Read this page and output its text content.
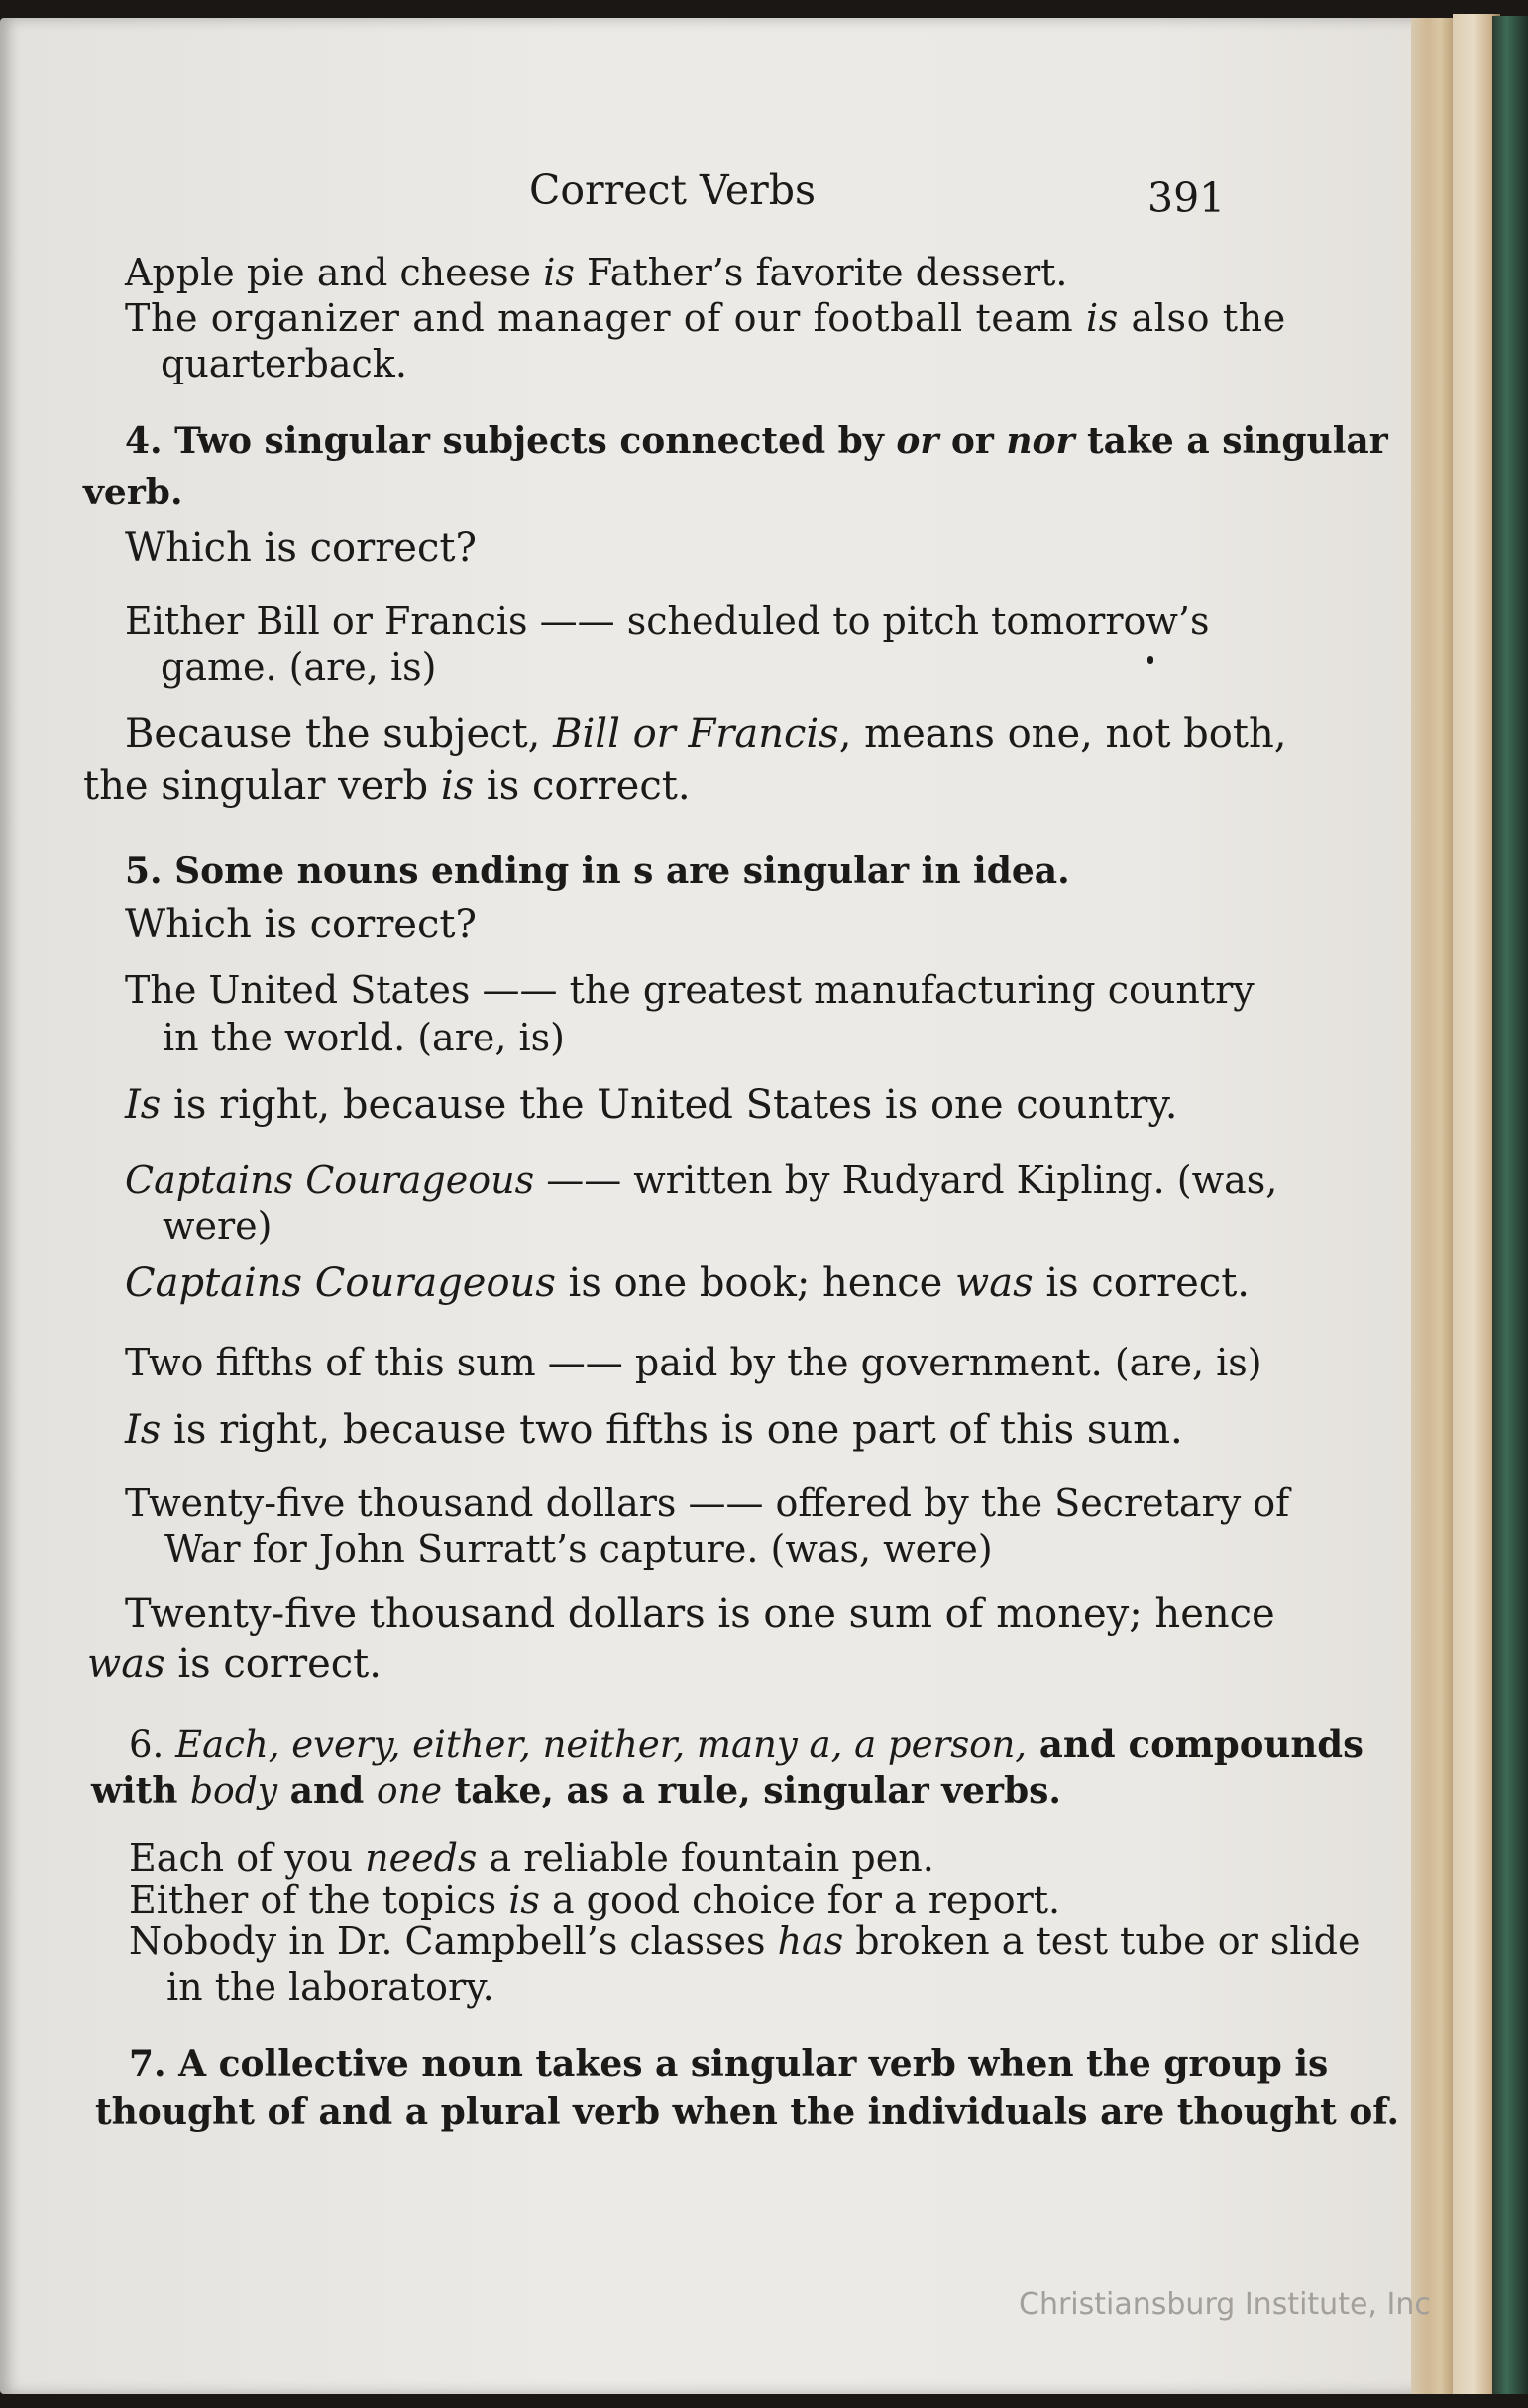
Correct Verbs	391
Apple pie and cheese is Father’s favorite dessert.
The organizer and manager of our football team is also the
quarterback.
4. Two singular subjects connected by or or nor take a singular
verb.
Which is correct?
Either Bill or Francis —— scheduled to pitch tomorrow’s
game. (are, is)
Because the subject, Bill or Francis, means one, not both,
the singular verb is is correct.
5. Some nouns ending in s are singular in idea.
Which is correct?
The United States —— the greatest manufacturing country
in the world. (are, is)
Is is right, because the United States is one country.
Captains Courageous —— written by Rudyard Kipling. (was,
were)
Captains Courageous is one book; hence was is correct.
Two fifths of this sum —— paid by the government. (are, is)
Is is right, because two fifths is one part of this sum.
Twenty-five thousand dollars —— offered by the Secretary of
War for John Surratt’s capture. (was, were)
Twenty-five thousand dollars is one sum of money; hence
was is correct.
6. Each, every, either, neither, many a, a person, and compounds
with body and one take, as a rule, singular verbs.
Each of you needs a reliable fountain pen.
Either of the topics is a good choice for a report.
Nobody in Dr. Campbell’s classes has broken a test tube or slide
in the laboratory.
7. A collective noun takes a singular verb when the group is
thought of and a plural verb when the individuals are thought of.
Christiansburg Institute, Inc
